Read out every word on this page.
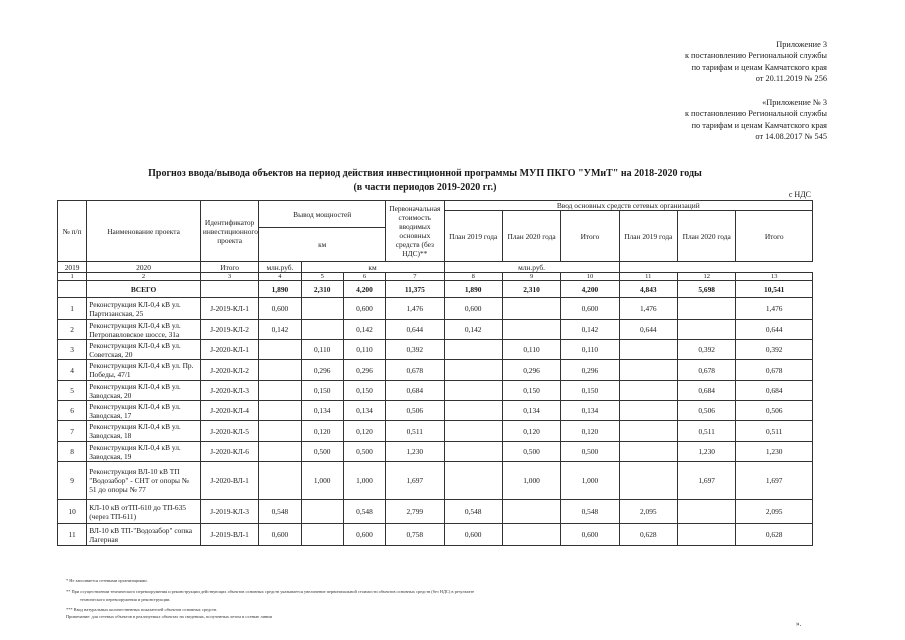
Приложение 3
к постановлению Региональной службы
по тарифам и ценам Камчатского края
от 20.11.2019 № 256
«Приложение № 3
к постановлению Региональной службы
по тарифам и ценам Камчатского края
от 14.08.2017 № 545
Прогноз ввода/вывода объектов на период действия инвестиционной программы МУП ПКГО "УМиТ" на 2018-2020 годы
(в части периодов 2019-2020 гг.)
с НДС
№ п/п	Наименование проекта	Идентификатор инвестиционного проекта	Вывод мощностей			Первоначальная стоимость вводимых основных средств (без НДС)**	Ввод основных средств сетевых организаций					
							План 2019 года	План 2020 года	Итого	План 2019 года	План 2020 года	Итого
			км									
2019	2020	Итого	млн.руб.	км			млн.руб.					
1	2	3	4	5	6	7	8	9	10	11	12	13
	ВСЕГО		1,890	2,310	4,200	11,375	1,890	2,310	4,200	4,843	5,698	10,541
1	Реконструкция КЛ-0,4 кВ ул. Партизанская, 25	J-2019-КЛ-1	0,600		0,600	1,476	0,600		0,600	1,476		1,476
2	Реконструкция КЛ-0,4 кВ ул. Петропавловское шоссе, 31а	J-2019-КЛ-2	0,142		0,142	0,644	0,142		0,142	0,644		0,644
3	Реконструкция КЛ-0,4 кВ ул. Советская, 20	J-2020-КЛ-1		0,110	0,110	0,392		0,110	0,110		0,392	0,392
4	Реконструкция КЛ-0,4 кВ ул. Пр. Победы, 47/1	J-2020-КЛ-2		0,296	0,296	0,678		0,296	0,296		0,678	0,678
5	Реконструкция КЛ-0,4 кВ ул. Заводская, 20	J-2020-КЛ-3		0,150	0,150	0,684		0,150	0,150		0,684	0,684
6	Реконструкция КЛ-0,4 кВ ул. Заводская, 17	J-2020-КЛ-4		0,134	0,134	0,506		0,134	0,134		0,506	0,506
7	Реконструкция КЛ-0,4 кВ ул. Заводская, 18	J-2020-КЛ-5		0,120	0,120	0,511		0,120	0,120		0,511	0,511
8	Реконструкция КЛ-0,4 кВ ул. Заводская, 19	J-2020-КЛ-6		0,500	0,500	1,230		0,500	0,500		1,230	1,230
9	Реконструкция ВЛ-10 кВ ТП "Водозабор" - СНТ от опоры № 51 до опоры № 77	J-2020-ВЛ-1		1,000	1,000	1,697		1,000	1,000		1,697	1,697
10	КЛ-10 кВ отТП-610 до ТП-635 (через ТП-611)	J-2019-КЛ-3	0,548		0,548	2,799	0,548		0,548	2,095		2,095
11	ВЛ-10 кВ ТП-"Водозабор" сопка Лагерная	J-2019-ВЛ-1	0,600		0,600	0,758	0,600		0,600	0,628		0,628
* Не заполняется сетевыми организациями.
** При осуществлении технического перевооружения и реконструкции действующих объектов основных средств указывается увеличение первоначальной стоимости объектов основных средств (без НДС) в результате
технического перевооружения и реконструкции.
*** Ввод натуральных количественных показателей объектов основных средств.
Примечание: для сетевых объектов в реализуемых объектах на сведениях, полученных летом и осенью линии
».
